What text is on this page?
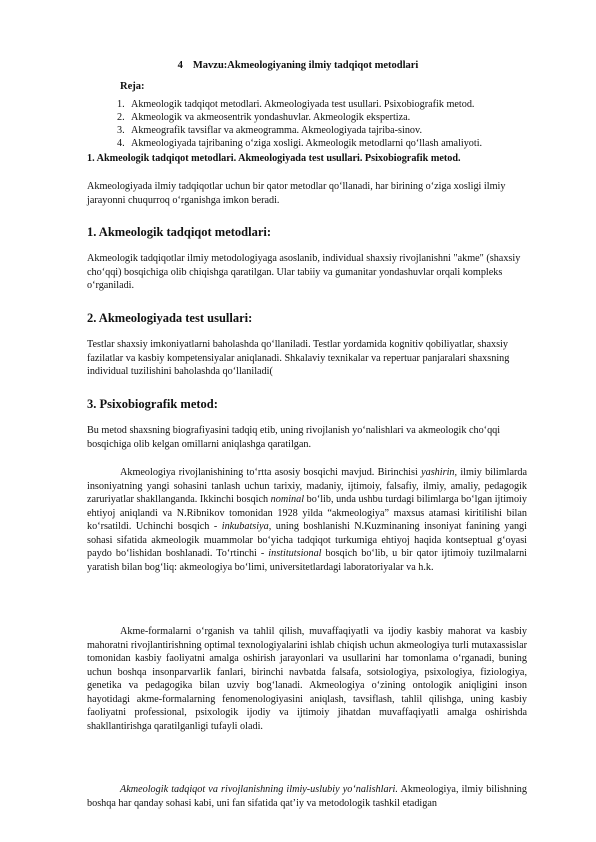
4 Mavzu:Akmeologiyaning ilmiy tadqiqot metodlari
Reja:
1. Akmeologik tadqiqot metodlari. Akmeologiyada test usullari. Psixobiografik metod.
2. Akmeologik va akmeosentrik yondashuvlar. Akmeologik ekspertiza.
3. Akmeografik tavsiflar va akmeogramma. Akmeologiyada tajriba-sinov.
4. Akmeologiyada tajribaning o‘ziga xosligi. Akmeologik metodlarni qo‘llash amaliyoti.
1. Akmeologik tadqiqot metodlari. Akmeologiyada test usullari. Psixobiografik metod.
Akmeologiyada ilmiy tadqiqotlar uchun bir qator metodlar qo‘llanadi, har birining o‘ziga xosligi ilmiy jarayonni chuqurroq o‘rganishga imkon beradi.
1. Akmeologik tadqiqot metodlari:
Akmeologik tadqiqotlar ilmiy metodologiyaga asoslanib, individual shaxsiy rivojlanishni "akme" (shaxsiy cho‘qqi) bosqichiga olib chiqishga qaratilgan. Ular tabiiy va gumanitar yondashuvlar orqali kompleks o‘rganiladi.
2. Akmeologiyada test usullari:
Testlar shaxsiy imkoniyatlarni baholashda qo‘llaniladi. Testlar yordamida kognitiv qobiliyatlar, shaxsiy fazilatlar va kasbiy kompetensiyalar aniqlanadi. Shkalaviy texnikalar va repertuar panjaralari shaxsning individual tuzilishini baholashda qo‘llaniladi(
3. Psixobiografik metod:
Bu metod shaxsning biografiyasini tadqiq etib, uning rivojlanish yo‘nalishlari va akmeologik cho‘qqi bosqichiga olib kelgan omillarni aniqlashga qaratilgan.
Akmeologiya rivojlanishining to‘rtta asosiy bosqichi mavjud. Birinchisi yashirin, ilmiy bilimlarda insoniyatning yangi sohasini tanlash uchun tarixiy, madaniy, ijtimoiy, falsafiy, ilmiy, amaliy, pedagogik zaruriyatlar shakllanganda. Ikkinchi bosqich nominal bo‘lib, unda ushbu turdagi bilimlarga bo‘lgan ijtimoiy ehtiyoj aniqlandi va N.Ribnikov tomonidan 1928 yilda “akmeologiya” maxsus atamasi kiritilishi bilan ko‘rsatildi. Uchinchi bosqich - inkubatsiya, uning boshlanishi N.Kuzminaning insoniyat fanining yangi sohasi sifatida akmeologik muammolar bo‘yicha tadqiqot turkumiga ehtiyoj haqida kontseptual g‘oyasi paydo bo‘lishidan boshlanadi. To‘rtinchi - institutsional bosqich bo‘lib, u bir qator ijtimoiy tuzilmalarni yaratish bilan bog‘liq: akmeologiya bo‘limi, universitetlardagi laboratoriyalar va h.k.
Akme-formalarni o‘rganish va tahlil qilish, muvaffaqiyatli va ijodiy kasbiy mahorat va kasbiy mahoratni rivojlantirishning optimal texnologiyalarini ishlab chiqish uchun akmeologiya turli mutaxassislar tomonidan kasbiy faoliyatni amalga oshirish jarayonlari va usullarini har tomonlama o‘rganadi, buning uchun boshqa insonparvarlik fanlari, birinchi navbatda falsafa, sotsiologiya, psixologiya, fiziologiya, genetika va pedagogika bilan uzviy bog‘lanadi. Akmeologiya o‘zining ontologik aniqligini inson hayotidagi akme-formalarning fenomenologiyasini aniqlash, tavsiflash, tahlil qilishga, uning kasbiy faoliyatni professional, psixologik ijodiy va ijtimoiy jihatdan muvaffaqiyatli amalga oshirishda shakllantirishga qaratilganligi tufayli oladi.
Akmeologik tadqiqot va rivojlanishning ilmiy-uslubiy yo‘nalishlari. Akmeologiya, ilmiy bilishning boshqa har qanday sohasi kabi, uni fan sifatida qat’iy va metodologik tashkil etadigan
